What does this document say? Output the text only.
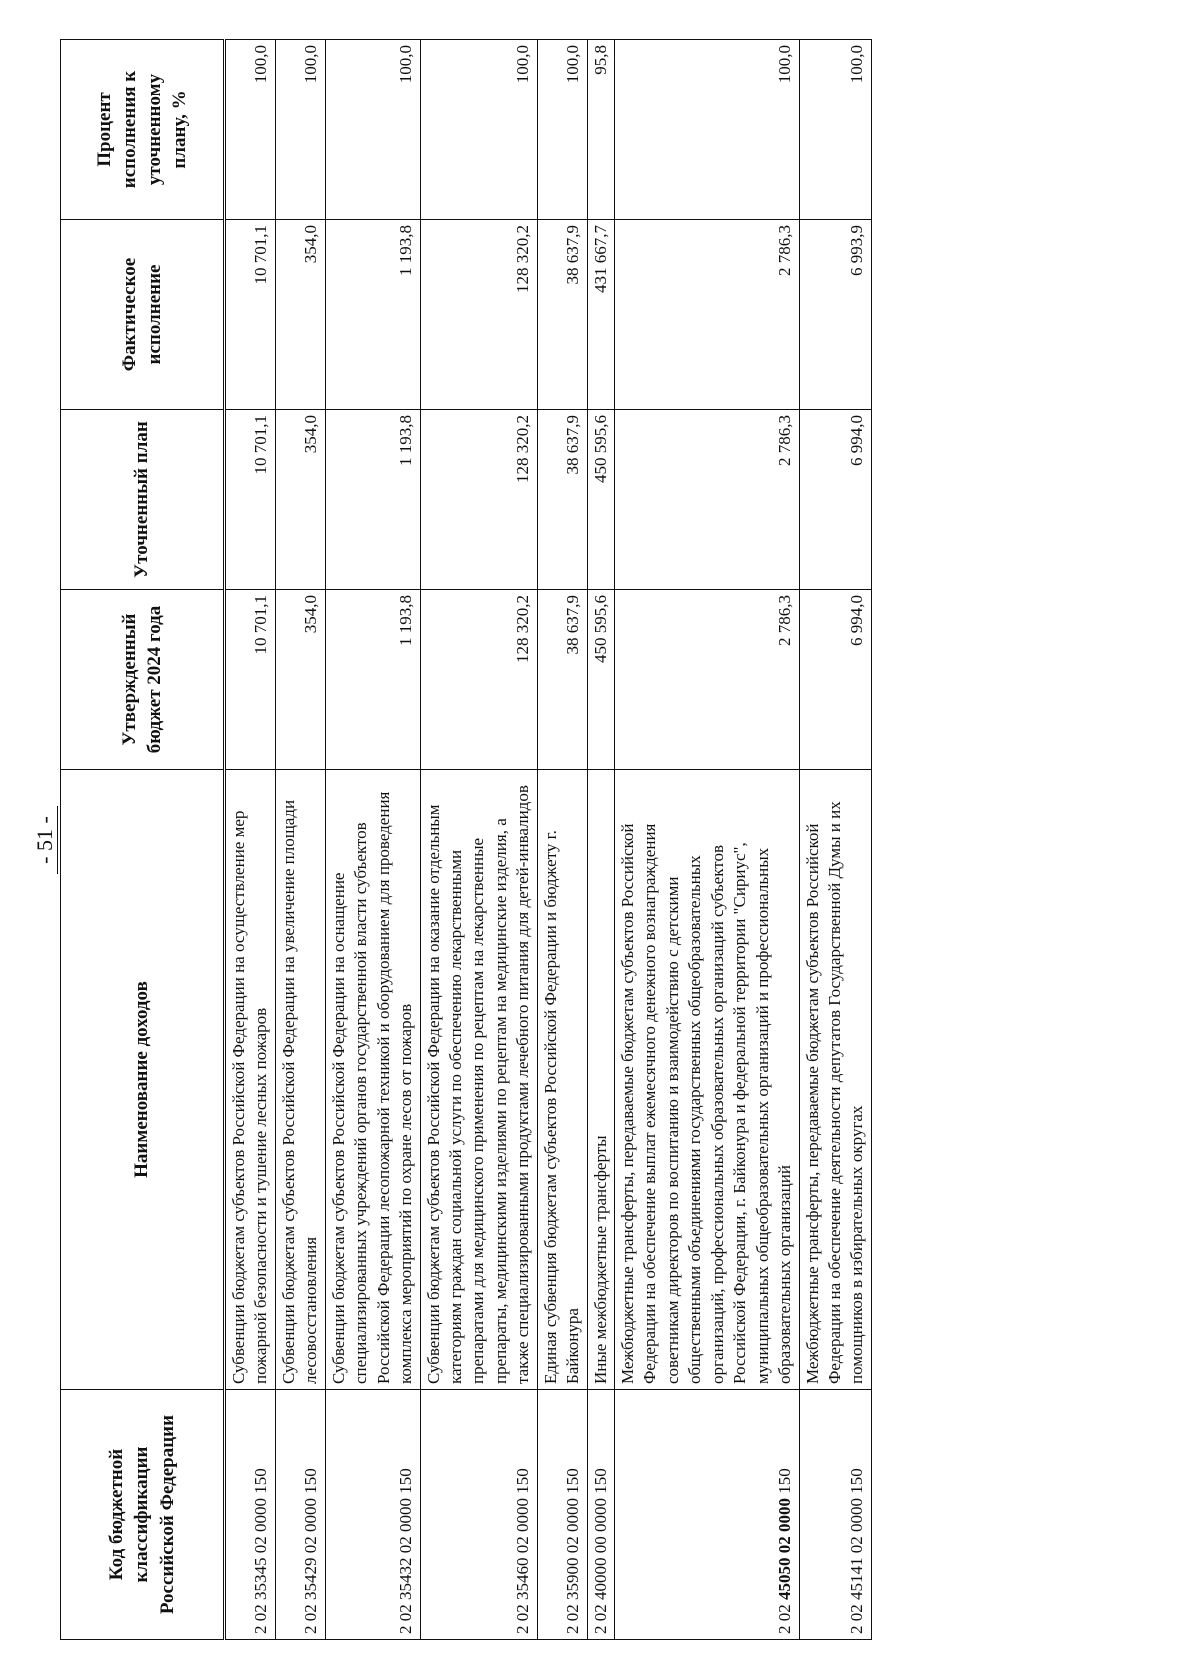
- 51 -
Код бюджетной классификации Российской Федерации	Наименование доходов	Утвержденный бюджет 2024 года	Уточненный план	Фактическое исполнение	Процент исполнения к уточненному плану, %
2 02 35345 02 0000 150	Субвенции бюджетам субъектов Российской Федерации на осуществление мер пожарной безопасности и тушение лесных пожаров	10 701,1	10 701,1	10 701,1	100,0
2 02 35429 02 0000 150	Субвенции бюджетам субъектов Российской Федерации на увеличение площади лесовосстановления	354,0	354,0	354,0	100,0
2 02 35432 02 0000 150	Субвенции бюджетам субъектов Российской Федерации на оснащение специализированных учреждений органов государственной власти субъектов Российской Федерации лесопожарной техникой и оборудованием для проведения комплекса мероприятий по охране лесов от пожаров	1 193,8	1 193,8	1 193,8	100,0
2 02 35460 02 0000 150	Субвенции бюджетам субъектов Российской Федерации на оказание отдельным категориям граждан социальной услуги по обеспечению лекарственными препаратами для медицинского применения по рецептам на лекарственные препараты, медицинскими изделиями по рецептам на медицинские изделия, а также специализированными продуктами лечебного питания для детей-инвалидов	128 320,2	128 320,2	128 320,2	100,0
2 02 35900 02 0000 150	Единая субвенция бюджетам субъектов Российской Федерации и бюджету г. Байконура	38 637,9	38 637,9	38 637,9	100,0
2 02 40000 00 0000 150	Иные межбюджетные трансферты	450 595,6	450 595,6	431 667,7	95,8
2 02 45050 02 0000 150	Межбюджетные трансферты, передаваемые бюджетам субъектов Российской Федерации на обеспечение выплат ежемесячного денежного вознаграждения советникам директоров по воспитанию и взаимодействию с детскими общественными объединениями государственных общеобразовательных организаций, профессиональных образовательных организаций субъектов Российской Федерации, г. Байконура и федеральной территории "Сириус", муниципальных общеобразовательных организаций и профессиональных образовательных организаций	2 786,3	2 786,3	2 786,3	100,0
2 02 45141 02 0000 150	Межбюджетные трансферты, передаваемые бюджетам субъектов Российской Федерации на обеспечение деятельности депутатов Государственной Думы и их помощников в избирательных округах	6 994,0	6 994,0	6 993,9	100,0
